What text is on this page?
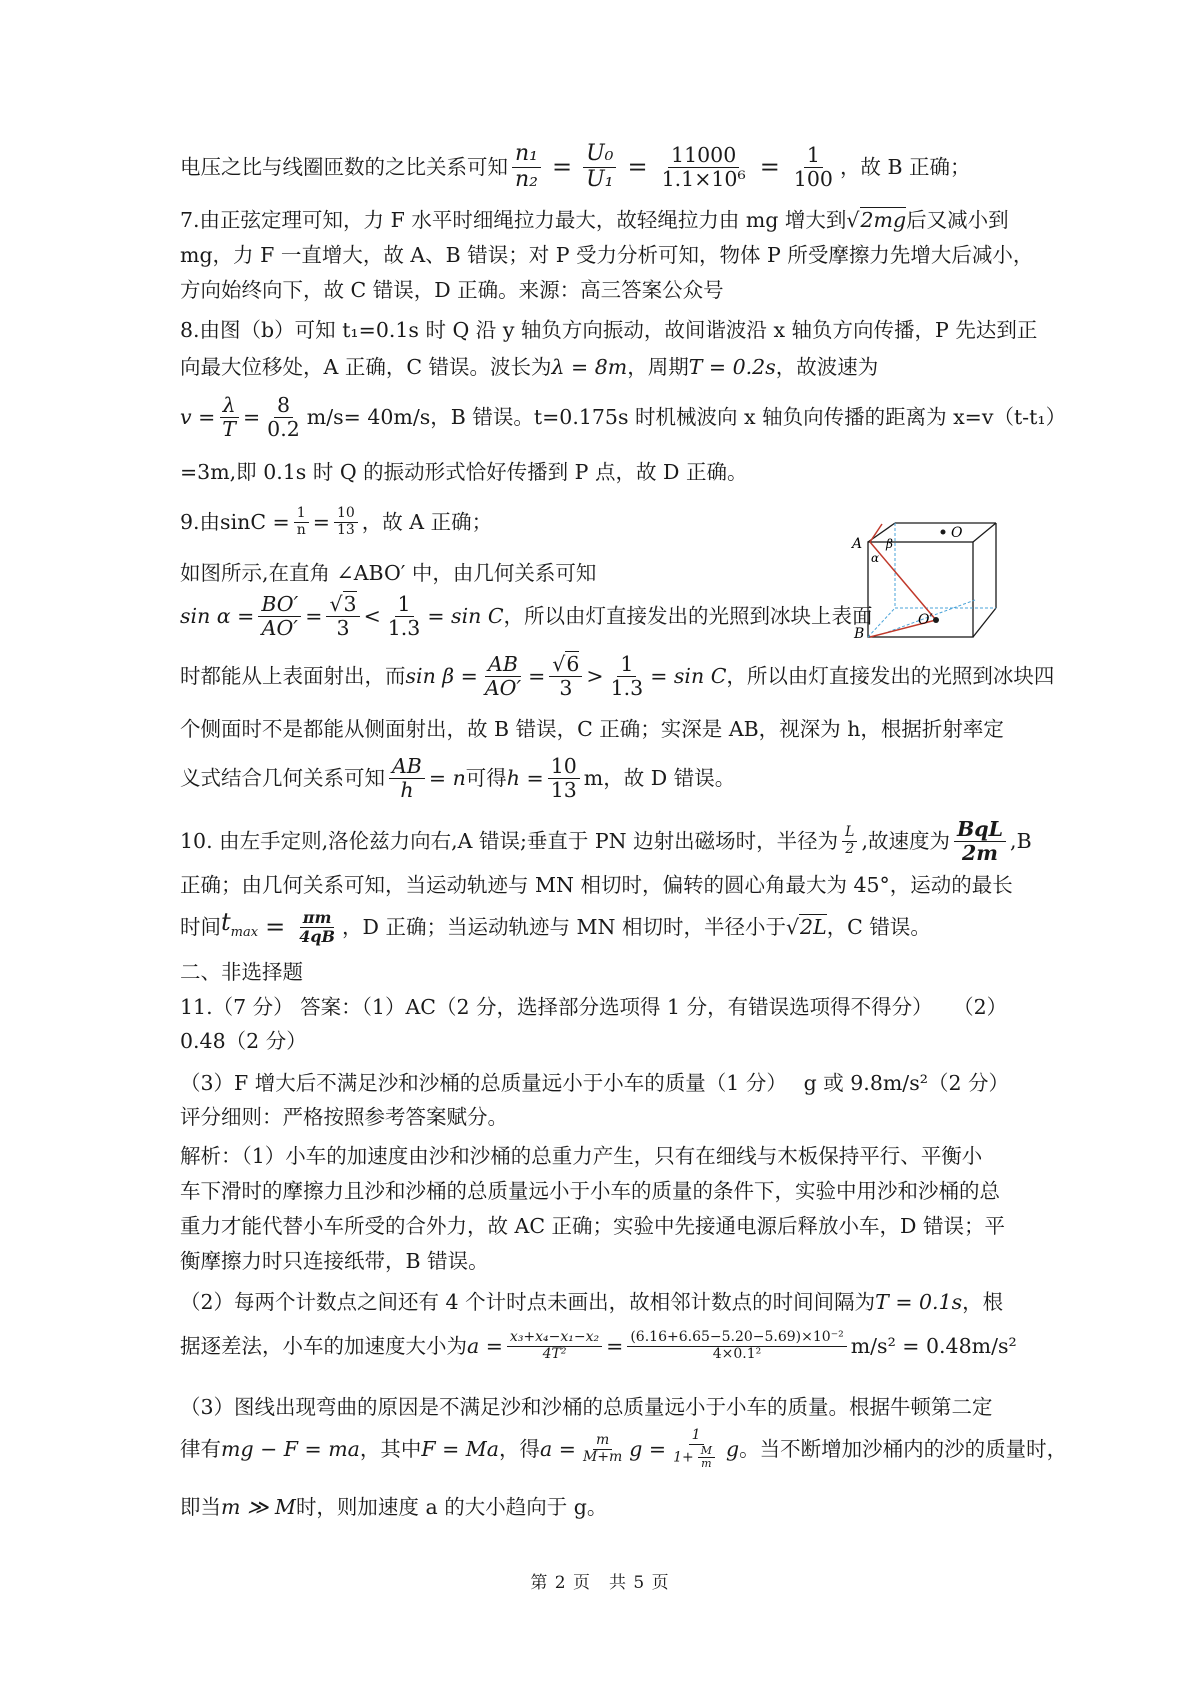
电压之比与线圈匝数的之比关系可知 $\frac{\text{n₁}}{\text{n₂}} = \frac{\text{U₀}}{\text{U₁}} = \frac{11000}{\text{1.1×10⁶}} = \frac{1}{100}$ ，故 B 正确；
7.由正弦定理可知，力 F 水平时细绳拉力最大，故轻绳拉力由 mg 增大到 √2mg 后又减小到
mg，力 F 一直增大，故 A、B 错误；对 P 受力分析可知，物体 P 所受摩擦力先增大后减小，
方向始终向下，故 C 错误，D 正确。来源：高三答案公众号
8.由图（b）可知 t₁=0.1s 时 Q 沿 y 轴负方向振动，故间谐波沿 x 轴负方向传播，P 先达到正
向最大位移处，A 正确，C 错误。波长为 λ = 8m ，周期 T = 0.2s ，故波速为
$v = \frac{\lambda}{T} = \frac{8}{0.2} m/s = 40m/s$ ，B 错误。t=0.175s 时机械波向 x 轴负向传播的距离为 x=v（t-t₁）
=3m,即 0.1s 时 Q 的振动形式恰好传播到 P 点，故 D 正确。
9.由$\sin C = \frac{1}{n} = \frac{10}{13}$ ，故 A 正确；
如图所示,在直角 ∠ABO′ 中，由几何关系可知
$\sin \alpha = \frac{BO'}{AO'} = \frac{√3}{3} < \frac{1}{1.3} = \sin C$ ，所以由灯直接发出的光照到冰块上表面
A
B
O
O′
α
β
时都能从上表面射出，而 $\sin \beta = \frac{AB}{AO'} = \frac{√6}{3} > \frac{1}{1.3} = \sin C$ ，所以由灯直接发出的光照到冰块四
个侧面时不是都能从侧面射出，故 B 错误，C 正确；实深是 AB，视深为 h，根据折射率定
义式结合几何关系可知 $\frac{AB}{h} = n$ 可得 $h = \frac{10}{13}$ m ，故 D 错误。
10. 由左手定则,洛伦兹力向右,A 错误;垂直于 PN 边射出磁场时，半径为 $\frac{L}{2}$ ,故速度为 $\frac{\text{BqL}}{2m} ,B$
正确；由几何关系可知，当运动轨迹与 MN 相切时，偏转的圆心角最大为 45°，运动的最长
时间 $t_{max} = \frac{\pi m}{4qB}$ ，D 正确；当运动轨迹与 MN 相切时，半径小于 √2L ，C 错误。
二、非选择题
11.（7 分） 答案：（1）AC（2 分，选择部分选项得 1 分，有错误选项得不得分）　　（2）
0.48（2 分）
（3）F 增大后不满足沙和沙桶的总质量远小于小车的质量（1 分）　 g 或 9.8m/s²（2 分）
评分细则：严格按照参考答案赋分。
解析：（1）小车的加速度由沙和沙桶的总重力产生，只有在细线与木板保持平行、平衡小
车下滑时的摩擦力且沙和沙桶的总质量远小于小车的质量的条件下，实验中用沙和沙桶的总
重力才能代替小车所受的合外力，故 AC 正确；实验中先接通电源后释放小车，D 错误；平
衡摩擦力时只连接纸带，B 错误。
（2）每两个计数点之间还有 4 个计时点未画出，故相邻计数点的时间间隔为 T = 0.1s ，根
据逐差法，小车的加速度大小为 $a = \frac{\text{x₃+x₄−x₁−x₂}}{\text{4T²}} = \frac{\text{(6.16+6.65−5.20−5.69)×10⁻²}}{\text{4×0.1²}} m/s^2 = 0.48m/s^2$
（3）图线出现弯曲的原因是不满足沙和沙桶的总质量远小于小车的质量。根据牛顿第二定
律有 mg − F = ma ，其中 F = Ma ，得 $a = \frac{m}{M+m}$ $g = \frac{1}{1+ \frac{M}{m}}$ g 。当不断增加沙桶内的沙的质量时，
即当 m ≫ M 时，则加速度 a 的大小趋向于 g。
第 2 页　共 5 页
